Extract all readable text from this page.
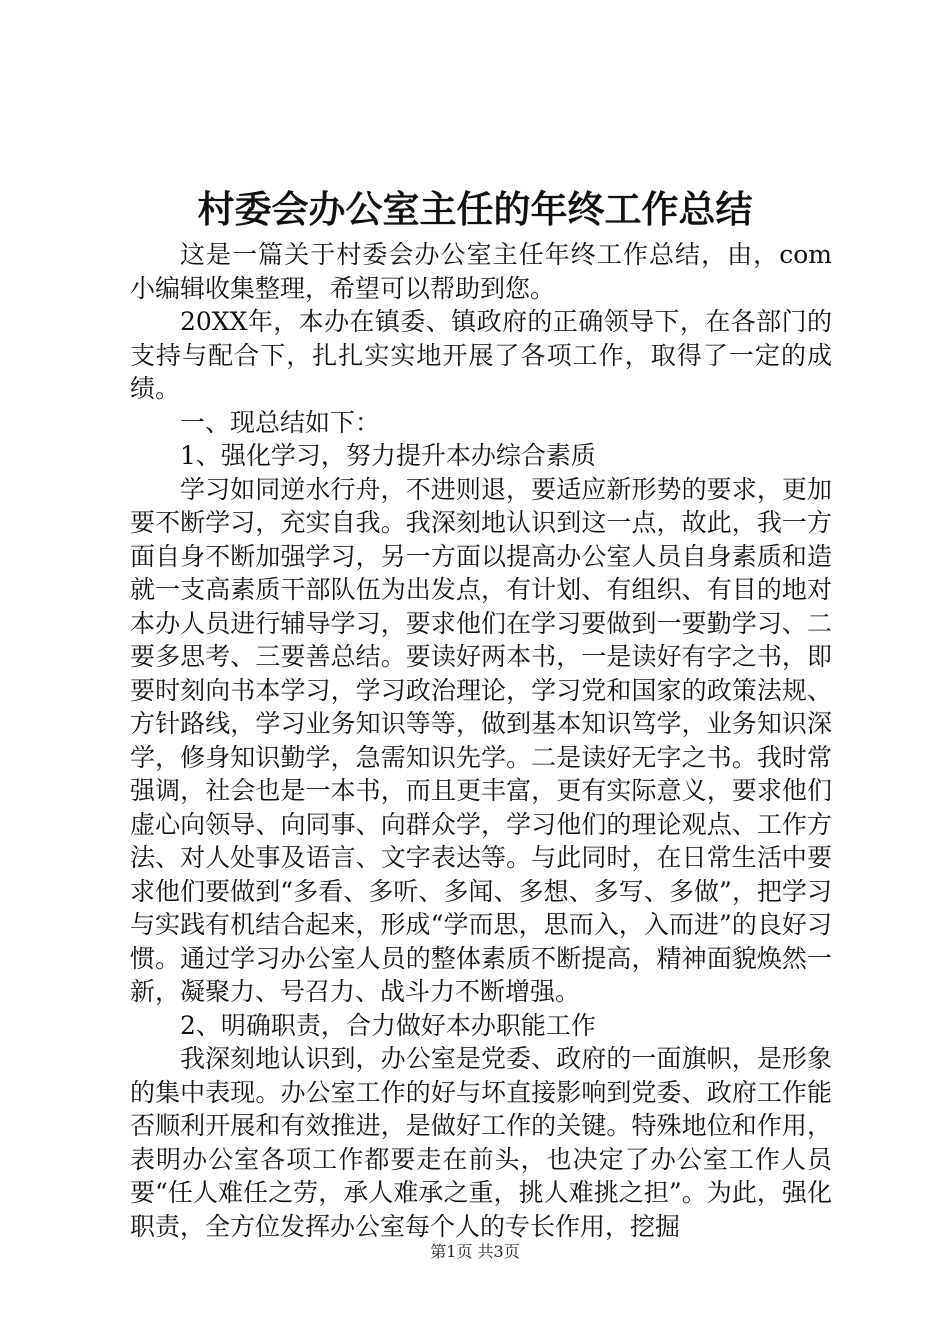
村委会办公室主任的年终工作总结

这是一篇关于村委会办公室主任年终工作总结，由，com小编辑收集整理，希望可以帮助到您。

20XX年，本办在镇委、镇政府的正确领导下，在各部门的支持与配合下，扎扎实实地开展了各项工作，取得了一定的成绩。

一、现总结如下：

1、强化学习，努力提升本办综合素质

学习如同逆水行舟，不进则退，要适应新形势的要求，更加要不断学习，充实自我。我深刻地认识到这一点，故此，我一方面自身不断加强学习，另一方面以提高办公室人员自身素质和造就一支高素质干部队伍为出发点，有计划、有组织、有目的地对本办人员进行辅导学习，要求他们在学习要做到一要勤学习、二要多思考、三要善总结。要读好两本书，一是读好有字之书，即要时刻向书本学习，学习政治理论，学习党和国家的政策法规、方针路线，学习业务知识等等，做到基本知识笃学，业务知识深学，修身知识勤学，急需知识先学。二是读好无字之书。我时常强调，社会也是一本书，而且更丰富，更有实际意义，要求他们虚心向领导、向同事、向群众学，学习他们的理论观点、工作方法、对人处事及语言、文字表达等。与此同时，在日常生活中要求他们要做到“多看、多听、多闻、多想、多写、多做”，把学习与实践有机结合起来，形成“学而思，思而入，入而进”的良好习惯。通过学习办公室人员的整体素质不断提高，精神面貌焕然一新，凝聚力、号召力、战斗力不断增强。

2、明确职责，合力做好本办职能工作

我深刻地认识到，办公室是党委、政府的一面旗帜，是形象的集中表现。办公室工作的好与坏直接影响到党委、政府工作能否顺利开展和有效推进，是做好工作的关键。特殊地位和作用，表明办公室各项工作都要走在前头，也决定了办公室工作人员要“任人难任之劳，承人难承之重，挑人难挑之担”。为此，强化职责，全方位发挥办公室每个人的专长作用，挖掘

第1页 共3页
